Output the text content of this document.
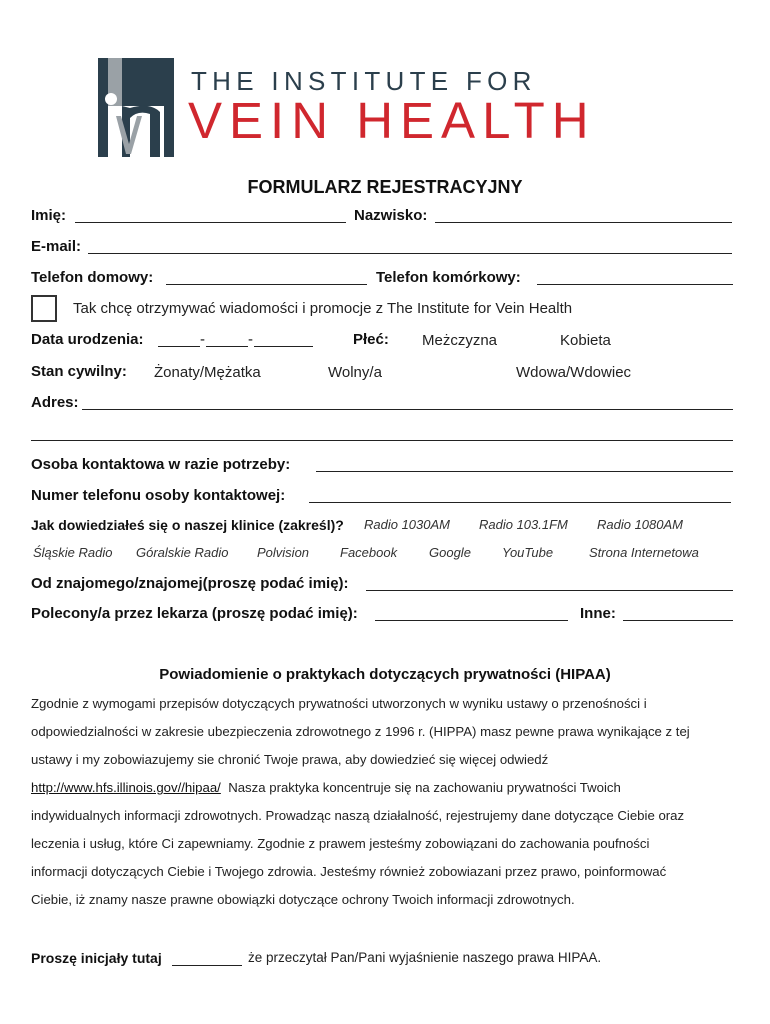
THE INSTITUTE FOR
VEIN HEALTH
FORMULARZ REJESTRACYJNY
Imię:	Nazwisko:
E-mail:
Telefon domowy:	Telefon komórkowy:
Tak chcę otrzymywać wiadomości i promocje z The Institute for Vein Health
Data urodzenia:	-	-	Płeć: Meżczyzna	Kobieta
Stan cywilny: Żonaty/Mężatka	Wolny/a	Wdowa/Wdowiec
Adres:
Osoba kontaktowa w razie potrzeby:
Numer telefonu osoby kontaktowej:
Jak dowiedziałeś się o naszej klinice (zakreśl)? Radio 1030AM Radio 103.1FM Radio 1080AM
Śląskie Radio Góralskie Radio Polvision Facebook Google YouTube	Strona Internetowa
Od znajomego/znajomej(proszę podać imię):
Polecony/a przez lekarza (proszę podać imię):	Inne:
Powiadomienie o praktykach dotyczących prywatności (HIPAA)
Zgodnie z wymogami przepisów dotyczących prywatności utworzonych w wyniku ustawy o przenośności i
odpowiedzialności w zakresie ubezpieczenia zdrowotnego z 1996 r. (HIPPA) masz pewne prawa wynikające z tej
ustawy i my zobowiazujemy sie chronić Twoje prawa, aby dowiedzieć się więcej odwiedź
http://www.hfs.illinois.gov//hipaa/ Nasza praktyka koncentruje się na zachowaniu prywatności Twoich
indywidualnych informacji zdrowotnych. Prowadząc naszą działalność, rejestrujemy dane dotyczące Ciebie oraz
leczenia i usług, które Ci zapewniamy. Zgodnie z prawem jesteśmy zobowiązani do zachowania poufności
informacji dotyczących Ciebie i Twojego zdrowia. Jesteśmy również zobowiazani przez prawo, poinformować
Ciebie, iż znamy nasze prawne obowiązki dotyczące ochrony Twoich informacji zdrowotnych.
Proszę inicjały tutaj	że przeczytał Pan/Pani wyjaśnienie naszego prawa HIPAA.
